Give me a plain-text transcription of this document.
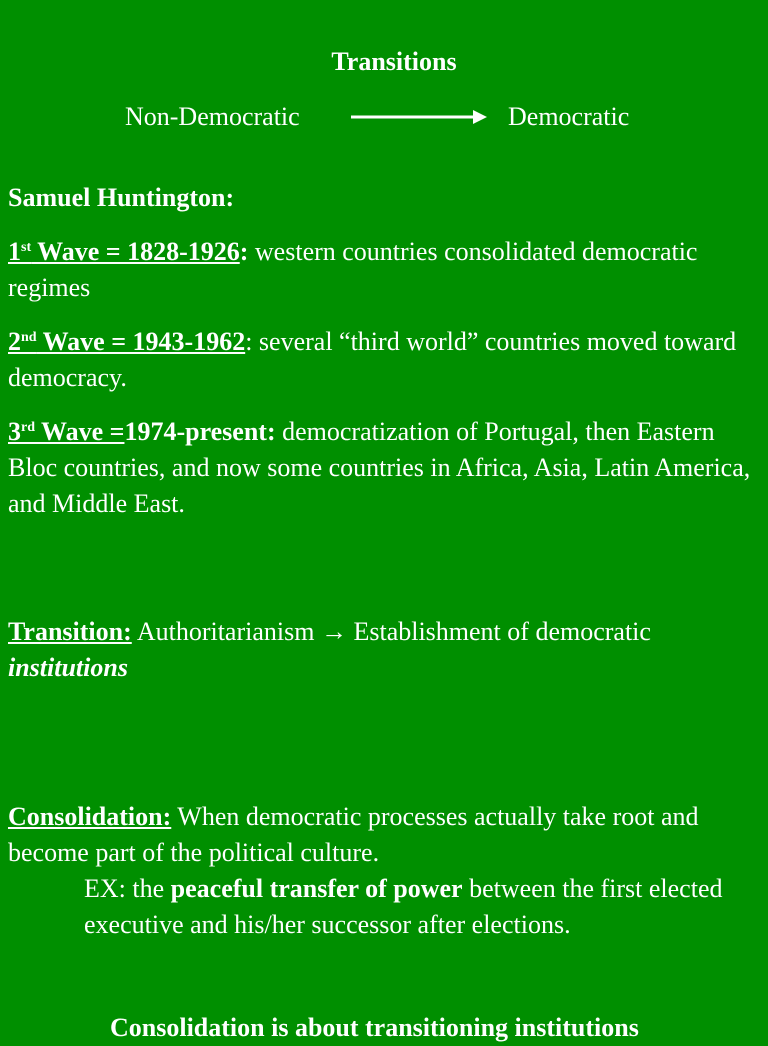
Transitions
Non-Democratic	Democratic
Samuel Huntington:
1st Wave = 1828-1926: western countries consolidated democratic regimes
2nd Wave = 1943-1962: several “third world” countries moved toward democracy.
3rd Wave =1974-present: democratization of Portugal, then Eastern Bloc countries, and now some countries in Africa, Asia, Latin America, and Middle East.
Transition: Authoritarianism → Establishment of democratic institutions
Consolidation: When democratic processes actually take root and become part of the political culture.
EX: the peaceful transfer of power between the first elected executive and his/her successor after elections.
Consolidation is about transitioning institutions
